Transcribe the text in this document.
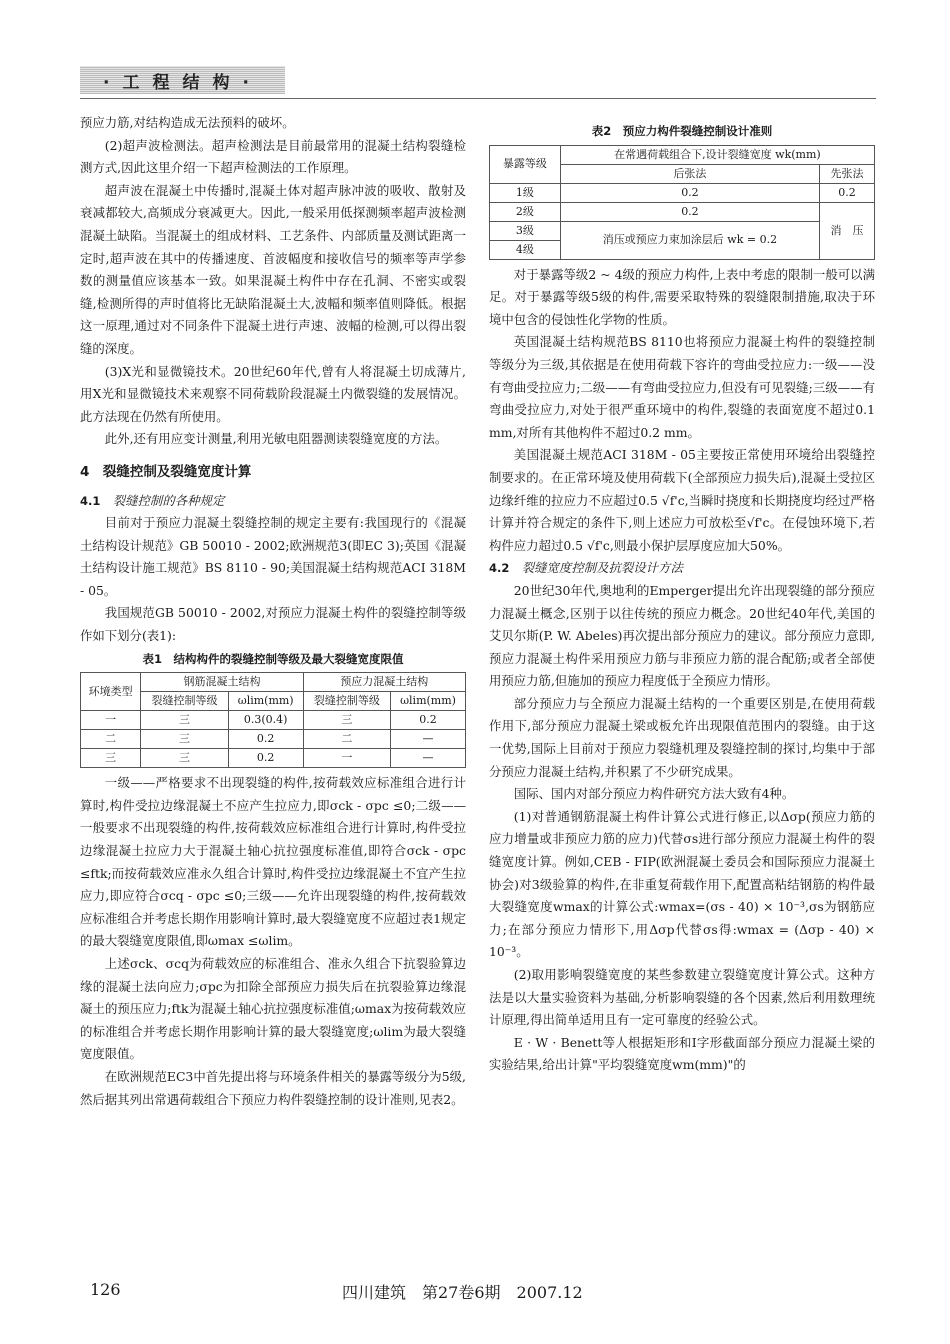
·工程结构·

预应力筋,对结构造成无法预料的破坏。

(2)超声波检测法。超声检测法是目前最常用的混凝土结构裂缝检测方式,因此这里介绍一下超声检测法的工作原理。

超声波在混凝土中传播时,混凝土体对超声脉冲波的吸收、散射及衰减都较大,高频成分衰减更大。因此,一般采用低探测频率超声波检测混凝土缺陷。当混凝土的组成材料、工艺条件、内部质量及测试距离一定时,超声波在其中的传播速度、首波幅度和接收信号的频率等声学参数的测量值应该基本一致。如果混凝土构件中存在孔洞、不密实或裂缝,检测所得的声时值将比无缺陷混凝土大,波幅和频率值则降低。根据这一原理,通过对不同条件下混凝土进行声速、波幅的检测,可以得出裂缝的深度。

(3)X光和显微镜技术。20世纪60年代,曾有人将混凝土切成薄片,用X光和显微镜技术来观察不同荷载阶段混凝土内微裂缝的发展情况。此方法现在仍然有所使用。

此外,还有用应变计测量,利用光敏电阻器测读裂缝宽度的方法。

4　裂缝控制及裂缝宽度计算

4.1 裂缝控制的各种规定

目前对于预应力混凝土裂缝控制的规定主要有:我国现行的《混凝土结构设计规范》GB 50010 - 2002;欧洲规范3(即EC 3);英国《混凝土结构设计施工规范》BS 8110 - 90;美国混凝土结构规范ACI 318M - 05。

我国规范GB 50010 - 2002,对预应力混凝土构件的裂缝控制等级作如下划分(表1):

表1　结构构件的裂缝控制等级及最大裂缝宽度限值

环境类型	钢筋混凝土结构		预应力混凝土结构	
	裂缝控制等级	ωlim(mm)	裂缝控制等级	ωlim(mm)
一	三	0.3(0.4)	三	0.2
二	三	0.2	二	—
三	三	0.2	一	—

一级——严格要求不出现裂缝的构件,按荷载效应标准组合进行计算时,构件受拉边缘混凝土不应产生拉应力,即σck - σpc ≤0;二级——一般要求不出现裂缝的构件,按荷载效应标准组合进行计算时,构件受拉边缘混凝土拉应力大于混凝土轴心抗拉强度标准值,即符合σck - σpc ≤ftk;而按荷载效应准永久组合计算时,构件受拉边缘混凝土不宜产生拉应力,即应符合σcq - σpc ≤0;三级——允许出现裂缝的构件,按荷载效应标准组合并考虑长期作用影响计算时,最大裂缝宽度不应超过表1规定的最大裂缝宽度限值,即ωmax ≤ωlim。

上述σck、σcq为荷载效应的标准组合、准永久组合下抗裂验算边缘的混凝土法向应力;σpc为扣除全部预应力损失后在抗裂验算边缘混凝土的预压应力;ftk为混凝土轴心抗拉强度标准值;ωmax为按荷载效应的标准组合并考虑长期作用影响计算的最大裂缝宽度;ωlim为最大裂缝宽度限值。

在欧洲规范EC3中首先提出将与环境条件相关的暴露等级分为5级,然后据其列出常遇荷载组合下预应力构件裂缝控制的设计准则,见表2。

表2　预应力构件裂缝控制设计准则

暴露等级	在常遇荷载组合下,设计裂缝宽度 wk(mm)	
	后张法	先张法
1级	0.2	0.2
2级	0.2	消　压
3级	消压或预应力束加涂层后 wk = 0.2	
4级		

对于暴露等级2 ~ 4级的预应力构件,上表中考虑的限制一般可以满足。对于暴露等级5级的构件,需要采取特殊的裂缝限制措施,取决于环境中包含的侵蚀性化学物的性质。

英国混凝土结构规范BS 8110也将预应力混凝土构件的裂缝控制等级分为三级,其依据是在使用荷载下容许的弯曲受拉应力:一级——没有弯曲受拉应力;二级——有弯曲受拉应力,但没有可见裂缝;三级——有弯曲受拉应力,对处于很严重环境中的构件,裂缝的表面宽度不超过0.1 mm,对所有其他构件不超过0.2 mm。

美国混凝土规范ACI 318M - 05主要按正常使用环境给出裂缝控制要求的。在正常环境及使用荷载下(全部预应力损失后),混凝土受拉区边缘纤维的拉应力不应超过0.5 √f'c,当瞬时挠度和长期挠度均经过严格计算并符合规定的条件下,则上述应力可放松至√f'c。在侵蚀环境下,若构件应力超过0.5 √f'c,则最小保护层厚度应加大50%。

4.2 裂缝宽度控制及抗裂设计方法

20世纪30年代,奥地利的Emperger提出允许出现裂缝的部分预应力混凝土概念,区别于以往传统的预应力概念。20世纪40年代,美国的艾贝尔斯(P. W. Abeles)再次提出部分预应力的建议。部分预应力意即,预应力混凝土构件采用预应力筋与非预应力筋的混合配筋;或者全部使用预应力筋,但施加的预应力程度低于全预应力情形。

部分预应力与全预应力混凝土结构的一个重要区别是,在使用荷载作用下,部分预应力混凝土梁或板允许出现限值范围内的裂缝。由于这一优势,国际上目前对于预应力裂缝机理及裂缝控制的探讨,均集中于部分预应力混凝土结构,并积累了不少研究成果。

国际、国内对部分预应力构件研究方法大致有4种。

(1)对普通钢筋混凝土构件计算公式进行修正,以Δσp(预应力筋的应力增量或非预应力筋的应力)代替σs进行部分预应力混凝土构件的裂缝宽度计算。例如,CEB - FIP(欧洲混凝土委员会和国际预应力混凝土协会)对3级验算的构件,在非重复荷载作用下,配置高粘结钢筋的构件最大裂缝宽度wmax的计算公式:wmax=(σs - 40) × 10⁻³,σs为钢筋应力;在部分预应力情形下,用Δσp代替σs得:wmax = (Δσp - 40) × 10⁻³。

(2)取用影响裂缝宽度的某些参数建立裂缝宽度计算公式。这种方法是以大量实验资料为基础,分析影响裂缝的各个因素,然后利用数理统计原理,得出简单适用且有一定可靠度的经验公式。

E · W · Benett等人根据矩形和I字形截面部分预应力混凝土梁的实验结果,给出计算"平均裂缝宽度wm(mm)"的

126	四川建筑　第27卷6期　2007.12
